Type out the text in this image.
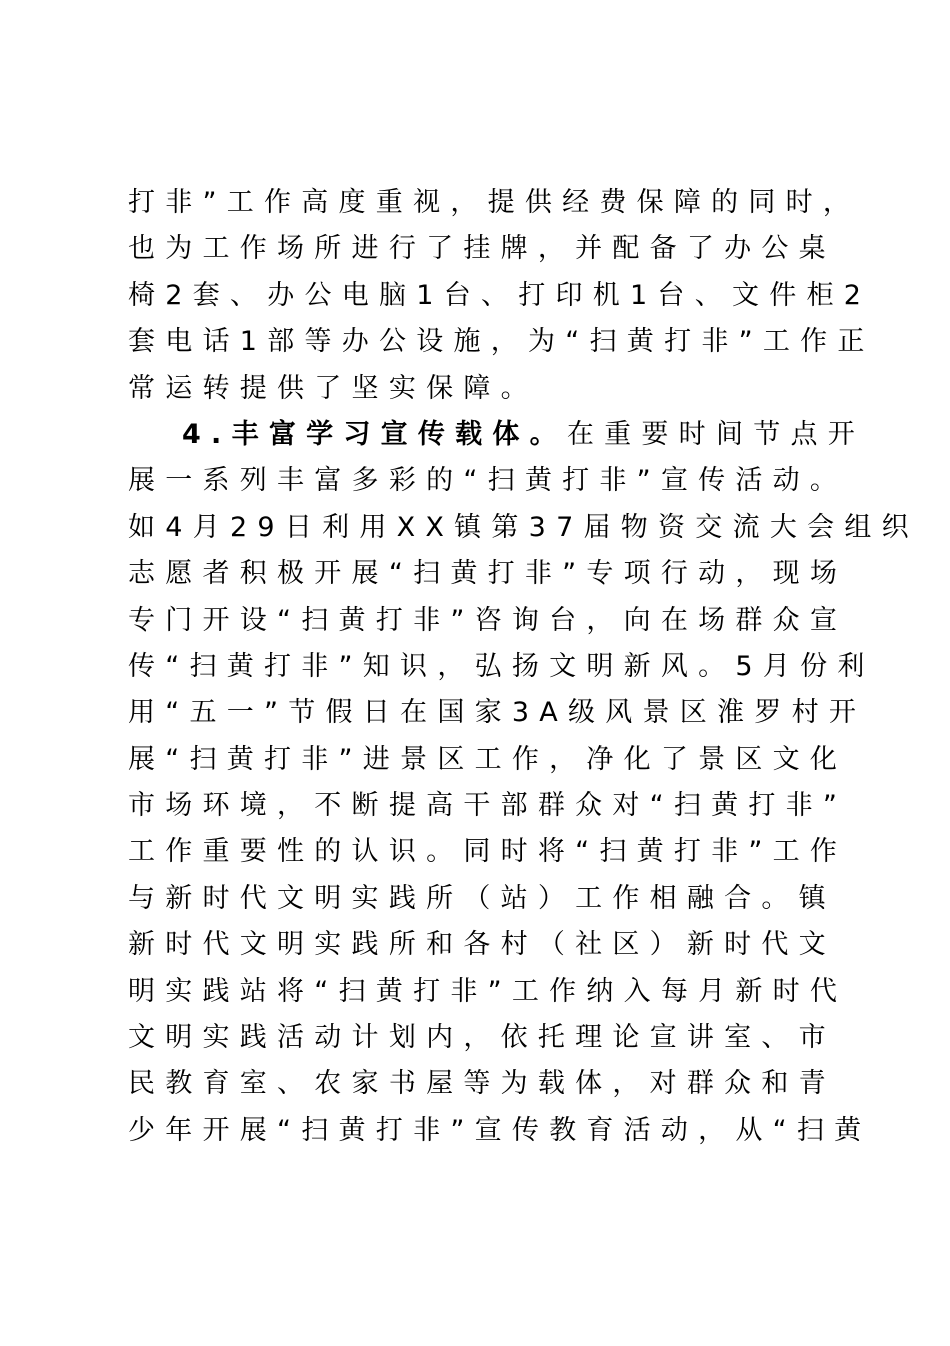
打非”工作高度重视，提供经费保障的同时，
也为工作场所进行了挂牌，并配备了办公桌
椅2套、办公电脑1台、打印机1台、文件柜2
套电话1部等办公设施，为“扫黄打非”工作正
常运转提供了坚实保障。
4.丰富学习宣传载体。在重要时间节点开
展一系列丰富多彩的“扫黄打非”宣传活动。
如4月29日利用XX镇第37届物资交流大会组织
志愿者积极开展“扫黄打非”专项行动，现场
专门开设“扫黄打非”咨询台，向在场群众宣
传“扫黄打非”知识，弘扬文明新风。5月份利
用“五一”节假日在国家3A级风景区淮罗村开
展“扫黄打非”进景区工作，净化了景区文化
市场环境，不断提高干部群众对“扫黄打非”
工作重要性的认识。同时将“扫黄打非”工作
与新时代文明实践所（站）工作相融合。镇
新时代文明实践所和各村（社区）新时代文
明实践站将“扫黄打非”工作纳入每月新时代
文明实践活动计划内，依托理论宣讲室、市
民教育室、农家书屋等为载体，对群众和青
少年开展“扫黄打非”宣传教育活动，从“扫黄
